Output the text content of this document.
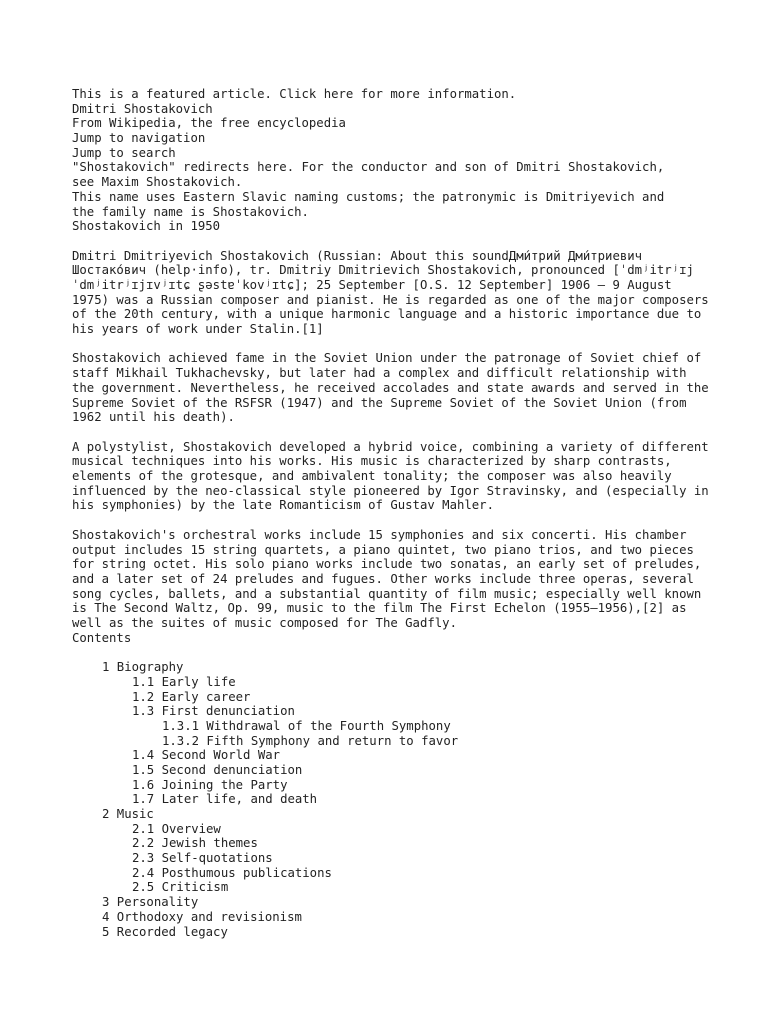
This is a featured article. Click here for more information.
Dmitri Shostakovich
From Wikipedia, the free encyclopedia
Jump to navigation
Jump to search
"Shostakovich" redirects here. For the conductor and son of Dmitri Shostakovich,
see Maxim Shostakovich.
This name uses Eastern Slavic naming customs; the patronymic is Dmitriyevich and
the family name is Shostakovich.
Shostakovich in 1950

Dmitri Dmitriyevich Shostakovich (Russian: About this soundДми́трий Дми́триевич Шостако́вич (help·info), tr. Dmitriy Dmitrievich Shostakovich, pronounced [ˈdmʲitrʲɪj ˈdmʲitrʲɪjɪvʲɪtɕ ʂəstɐˈkovʲɪtɕ]; 25 September [O.S. 12 September] 1906 – 9 August 1975) was a Russian composer and pianist. He is regarded as one of the major composers of the 20th century, with a unique harmonic language and a historic importance due to his years of work under Stalin.[1]

Shostakovich achieved fame in the Soviet Union under the patronage of Soviet chief of staff Mikhail Tukhachevsky, but later had a complex and difficult relationship with the government. Nevertheless, he received accolades and state awards and served in the Supreme Soviet of the RSFSR (1947) and the Supreme Soviet of the Soviet Union (from 1962 until his death).

A polystylist, Shostakovich developed a hybrid voice, combining a variety of different musical techniques into his works. His music is characterized by sharp contrasts, elements of the grotesque, and ambivalent tonality; the composer was also heavily influenced by the neo-classical style pioneered by Igor Stravinsky, and (especially in his symphonies) by the late Romanticism of Gustav Mahler.

Shostakovich's orchestral works include 15 symphonies and six concerti. His chamber output includes 15 string quartets, a piano quintet, two piano trios, and two pieces for string octet. His solo piano works include two sonatas, an early set of preludes, and a later set of 24 preludes and fugues. Other works include three operas, several song cycles, ballets, and a substantial quantity of film music; especially well known is The Second Waltz, Op. 99, music to the film The First Echelon (1955–1956),[2] as well as the suites of music composed for The Gadfly.

Contents
1 Biography
1.1 Early life
1.2 Early career
1.3 First denunciation
1.3.1 Withdrawal of the Fourth Symphony
1.3.2 Fifth Symphony and return to favor
1.4 Second World War
1.5 Second denunciation
1.6 Joining the Party
1.7 Later life, and death
2 Music
2.1 Overview
2.2 Jewish themes
2.3 Self-quotations
2.4 Posthumous publications
2.5 Criticism
3 Personality
4 Orthodoxy and revisionism
5 Recorded legacy
